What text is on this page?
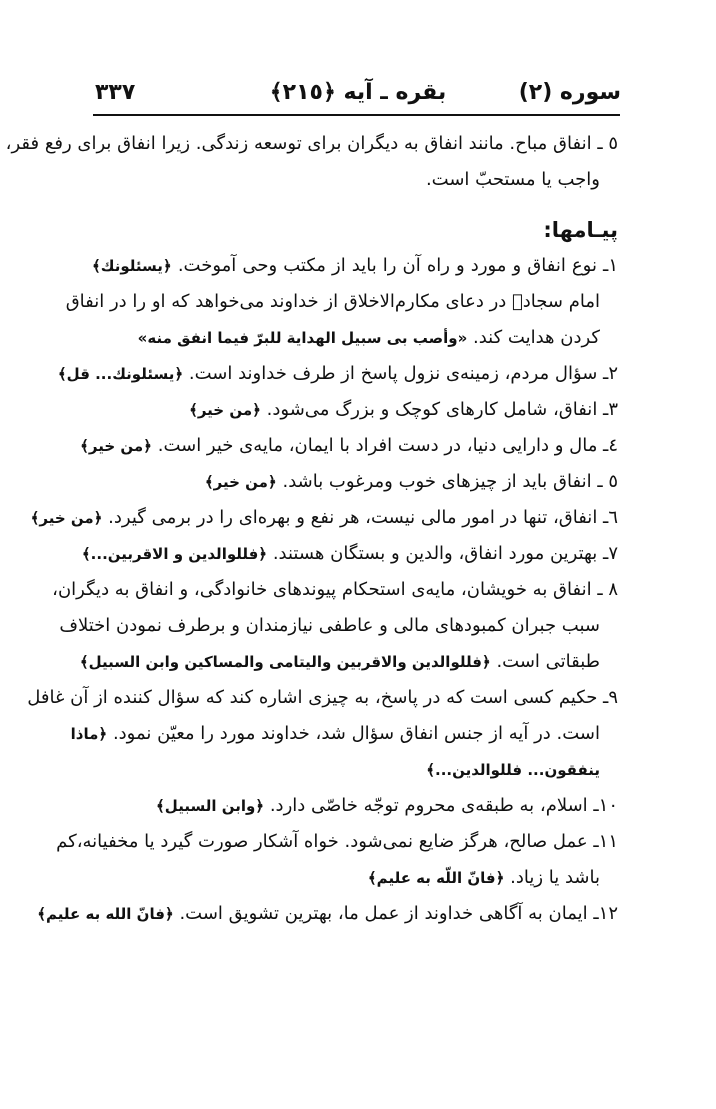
سوره (٢)
بقره ـ آیه ﴿٢١٥﴾
٣٣٧
٥ ـ انفاق مباح. مانند انفاق به دیگران برای توسعه زندگی. زیرا انفاق برای رفع فقر،
واجب یا مستحبّ است.
پیـامها:
١ـ نوع انفاق و مورد و راه آن را باید از مکتب وحی آموخت. ﴿یسئلونك﴾
امام سجادؑ در دعای مکارم‌الاخلاق از خداوند می‌خواهد که او را در انفاق
کردن هدایت کند. «وأصب بی سبیل الهدایة للبرّ فیما انفق منه»
٢ـ سؤال مردم، زمینه‌ی نزول پاسخ از طرف خداوند است. ﴿یسئلونك... قل﴾
٣ـ انفاق، شامل کارهای کوچک و بزرگ می‌شود. ﴿من خیر﴾
٤ـ مال و دارایی دنیا، در دست افراد با ایمان، مایه‌ی خیر است. ﴿من خیر﴾
٥ ـ انفاق باید از چیزهای خوب ومرغوب باشد. ﴿من خیر﴾
٦ـ انفاق، تنها در امور مالی نیست، هر نفع و بهره‌ای را در برمی گیرد. ﴿من خیر﴾
٧ـ بهترین مورد انفاق، والدین و بستگان هستند. ﴿فللوالدین و الاقربین...﴾
٨ ـ انفاق به خویشان، مایه‌ی استحکام پیوندهای خانوادگی، و انفاق به دیگران،
سبب جبران کمبودهای مالی و عاطفی نیازمندان و برطرف نمودن اختلاف
طبقاتی است. ﴿فللوالدین والاقربین والیتامی والمساکین وابن السبیل﴾
٩ـ حکیم کسی است که در پاسخ، به چیزی اشاره کند که سؤال کننده از آن غافل
است. در آیه از جنس انفاق سؤال شد، خداوند مورد را معیّن نمود. ﴿ماذا
ینفقون... فللوالدین...﴾
١٠ـ اسلام، به طبقه‌ی محروم توجّه خاصّی دارد. ﴿وابن السبیل﴾
١١ـ عمل صالح، هرگز ضایع نمی‌شود. خواه آشکار صورت گیرد یا مخفیانه،کم
باشد یا زیاد. ﴿فانّ اللّه به علیم﴾
١٢ـ ایمان به آگاهی خداوند از عمل ما، بهترین تشویق است. ﴿فانّ الله به علیم﴾
